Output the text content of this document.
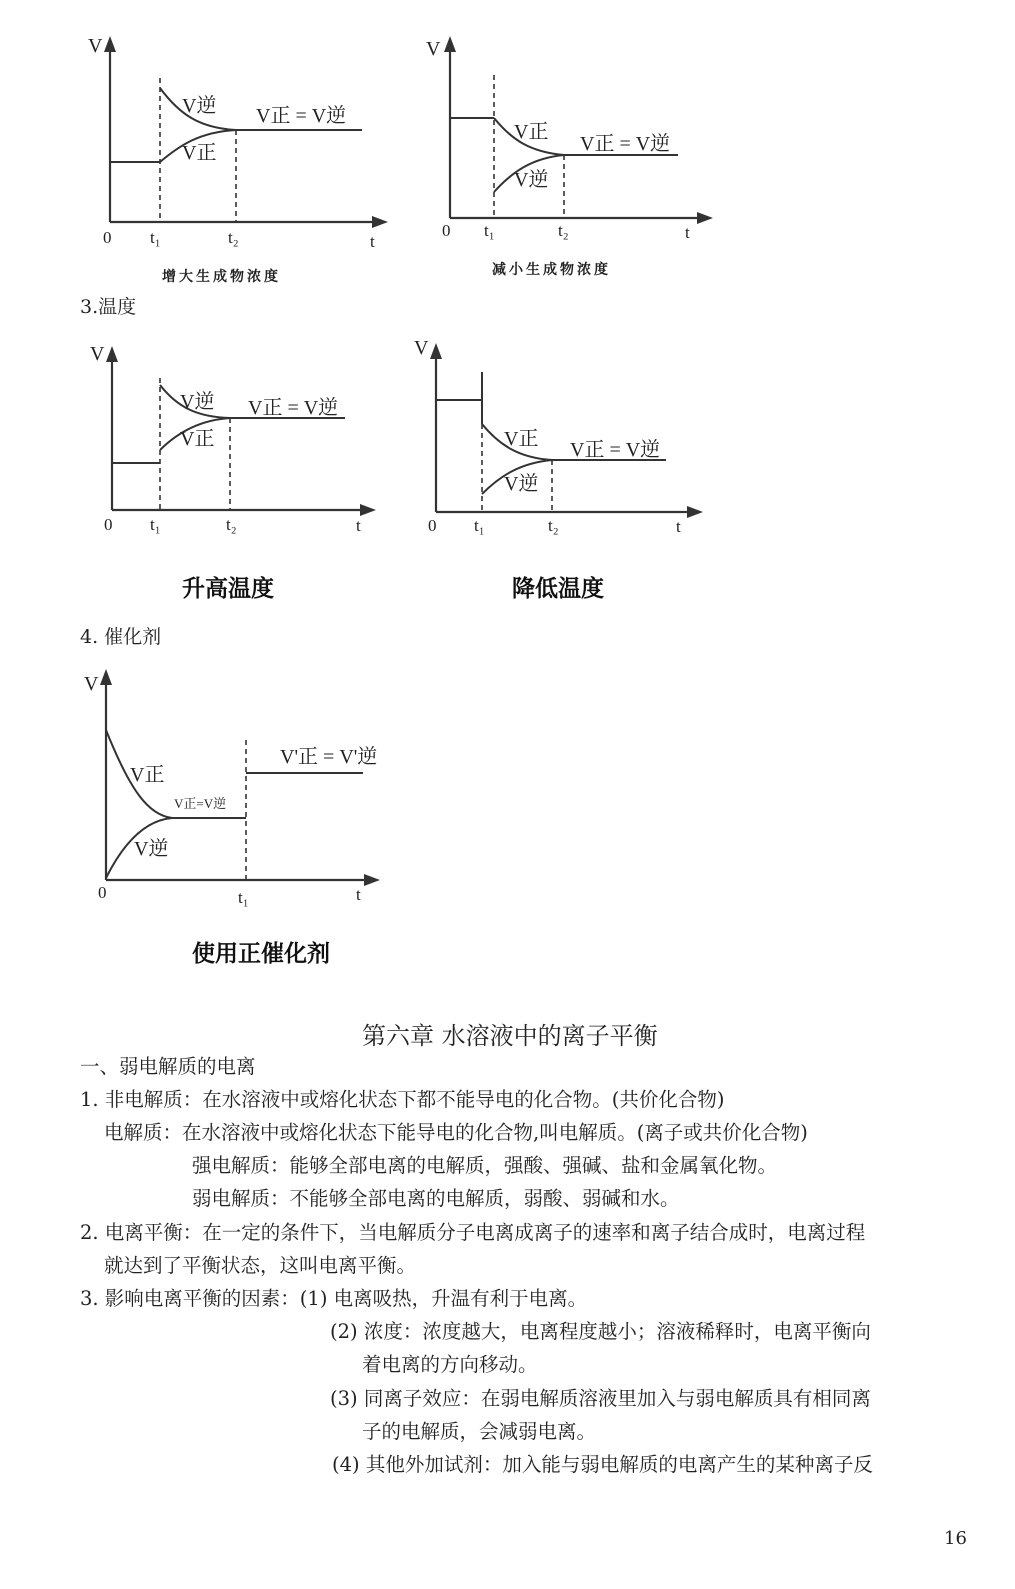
V
t
0 t₁	t₂
V逆
V正
V正 = V逆
增大生成物浓度
V
t
0 t₁	t₂
V正
V逆
V正 = V逆
减小生成物浓度
3.温度
V
t
0 t₁	t₂
V逆
V正
V正 = V逆
升高温度
V
t
0 t₁	t₂
V正
V逆
V正 = V逆
降低温度
4. 催化剂
V
t
0	t₁
V正
V逆
V正=V逆
V'正 = V'逆
使用正催化剂
第六章 水溶液中的离子平衡
一、弱电解质的电离
1. 非电解质：在水溶液中或熔化状态下都不能导电的化合物。(共价化合物)
电解质：在水溶液中或熔化状态下能导电的化合物,叫电解质。(离子或共价化合物)
强电解质：能够全部电离的电解质，强酸、强碱、盐和金属氧化物。
弱电解质：不能够全部电离的电解质，弱酸、弱碱和水。
2. 电离平衡：在一定的条件下，当电解质分子电离成离子的速率和离子结合成时，电离过程
就达到了平衡状态，这叫电离平衡。
3. 影响电离平衡的因素：(1) 电离吸热，升温有利于电离。
(2) 浓度：浓度越大，电离程度越小；溶液稀释时，电离平衡向
着电离的方向移动。
(3) 同离子效应：在弱电解质溶液里加入与弱电解质具有相同离
子的电解质，会减弱电离。
(4) 其他外加试剂：加入能与弱电解质的电离产生的某种离子反
16
